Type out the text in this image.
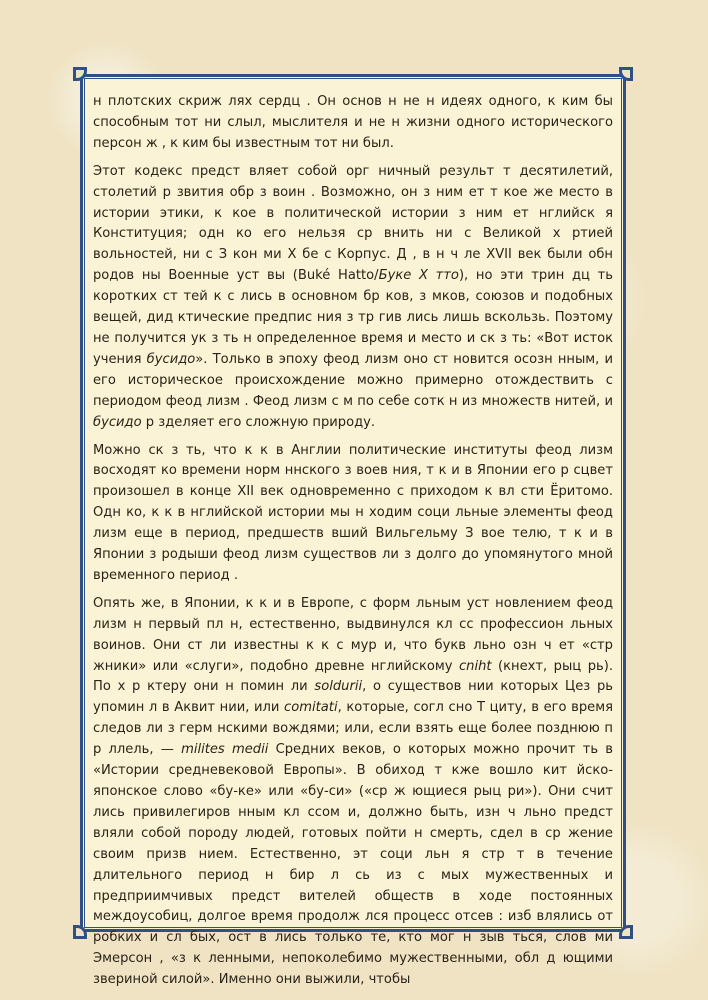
н плотских скриж лях сердц . Он основ н не н идеях одного, к ким бы способным тот ни слыл, мыслителя и не н жизни одного исторического персон ж , к ким бы известным тот ни был.

Этот кодекс предст вляет собой орг ничный результ т десятилетий, столетий р звития обр з воин . Возможно, он з ним ет т кое же место в истории этики, к кое в политической истории з ним ет нглийск я Конституция; одн ко его нельзя ср внить ни с Великой х ртией вольностей, ни с З кон ми Х бе с Корпус. Д , в н ч ле XVII век были обн родов ны Военные уст вы (Buké Hatto/Буке Х тто), но эти трин дц ть коротких ст тей к с лись в основном бр ков, з мков, союзов и подобных вещей, дид ктические предпис ния з тр гив лись лишь вскользь. Поэтому не получится ук з ть н определенное время и место и ск з ть: «Вот исток учения бусидо». Только в эпоху феод лизм оно ст новится осозн нным, и его историческое происхождение можно примерно отождествить с периодом феод лизм . Феод лизм с м по себе сотк н из множеств нитей, и бусидо р зделяет его сложную природу.

Можно ск з ть, что к к в Англии политические институты феод лизм восходят ко времени норм ннского з воев ния, т к и в Японии его р сцвет произошел в конце XII век одновременно с приходом к вл сти Ёритомо. Одн ко, к к в нглийской истории мы н ходим соци льные элементы феод лизм еще в период, предшеств вший Вильгельму З вое телю, т к и в Японии з родыши феод лизм существов ли з долго до упомянутого мной временного период .

Опять же, в Японии, к к и в Европе, с форм льным уст новлением феод лизм н первый пл н, естественно, выдвинулся кл сс профессион льных воинов. Они ст ли известны к к с мур и, что букв льно озн ч ет «стр жники» или «слуги», подобно древне нглийскому cniht (кнехт, рыц рь). По х р ктеру они н помин ли soldurii, о существов нии которых Цез рь упомин л в Аквит нии, или comitati, которые, согл сно Т циту, в его время следов ли з герм нскими вождями; или, если взять еще более позднюю п р ллель, — milites medii Средних веков, о которых можно прочит ть в «Истории средневековой Европы». В обиход т кже вошло кит йско-японское слово «бу-ке» или «бу-си» («ср ж ющиеся рыц ри»). Они счит лись привилегиров нным кл ссом и, должно быть, изн ч льно предст вляли собой породу людей, готовых пойти н смерть, сдел в ср жение своим призв нием. Естественно, эт соци льн я стр т в течение длительного период н бир л сь из с мых мужественных и предприимчивых предст вителей обществ в ходе постоянных междоусобиц, долгое время продолж лся процесс отсев : изб влялись от робких и сл бых, ост в лись только те, кто мог н зыв ться, слов ми Эмерсон , «з к ленными, непоколебимо мужественными, обл д ющими звериной силой». Именно они выжили, чтобы
